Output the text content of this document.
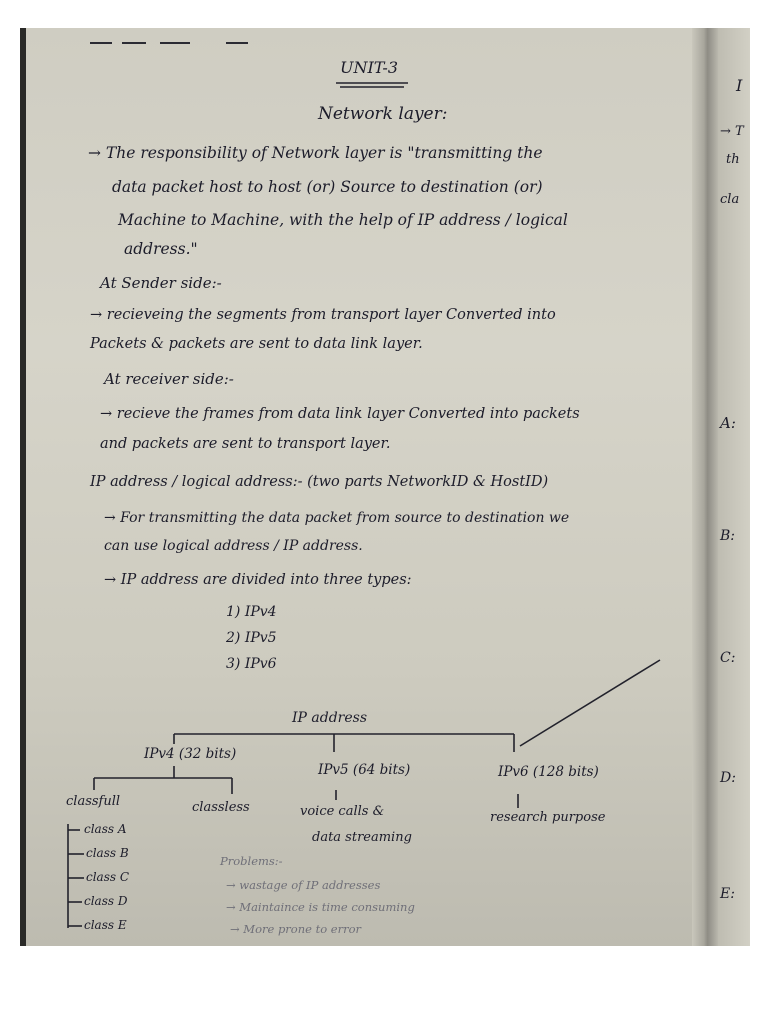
UNIT-3
Network layer:
→ The responsibility of Network layer is "transmitting the
data packet host to host (or) Source to destination (or)
Machine to Machine, with the help of IP address / logical
address."
At Sender side:-
→ recieveing the segments from transport layer Converted into
Packets & packets are sent to data link layer.
At receiver side:-
→ recieve the frames from data link layer Converted into packets
and packets are sent to transport layer.
IP address / logical address:- (two parts NetworkID & HostID)
→ For transmitting the data packet from source to destination we
can use logical address / IP address.
→ IP address are divided into three types:
1) IPv4
2) IPv5
3) IPv6
IP address
IPv4 (32 bits)
IPv5 (64 bits)	IPv6 (128 bits)
classfull	classless
class A
class B
class C
class D
class E
voice calls &
data streaming
research purpose
Problems:-
→ wastage of IP addresses
→ Maintaince is time consuming
→ More prone to error
I
→ T
th
cla
A:
B:
C:
D:
E:
